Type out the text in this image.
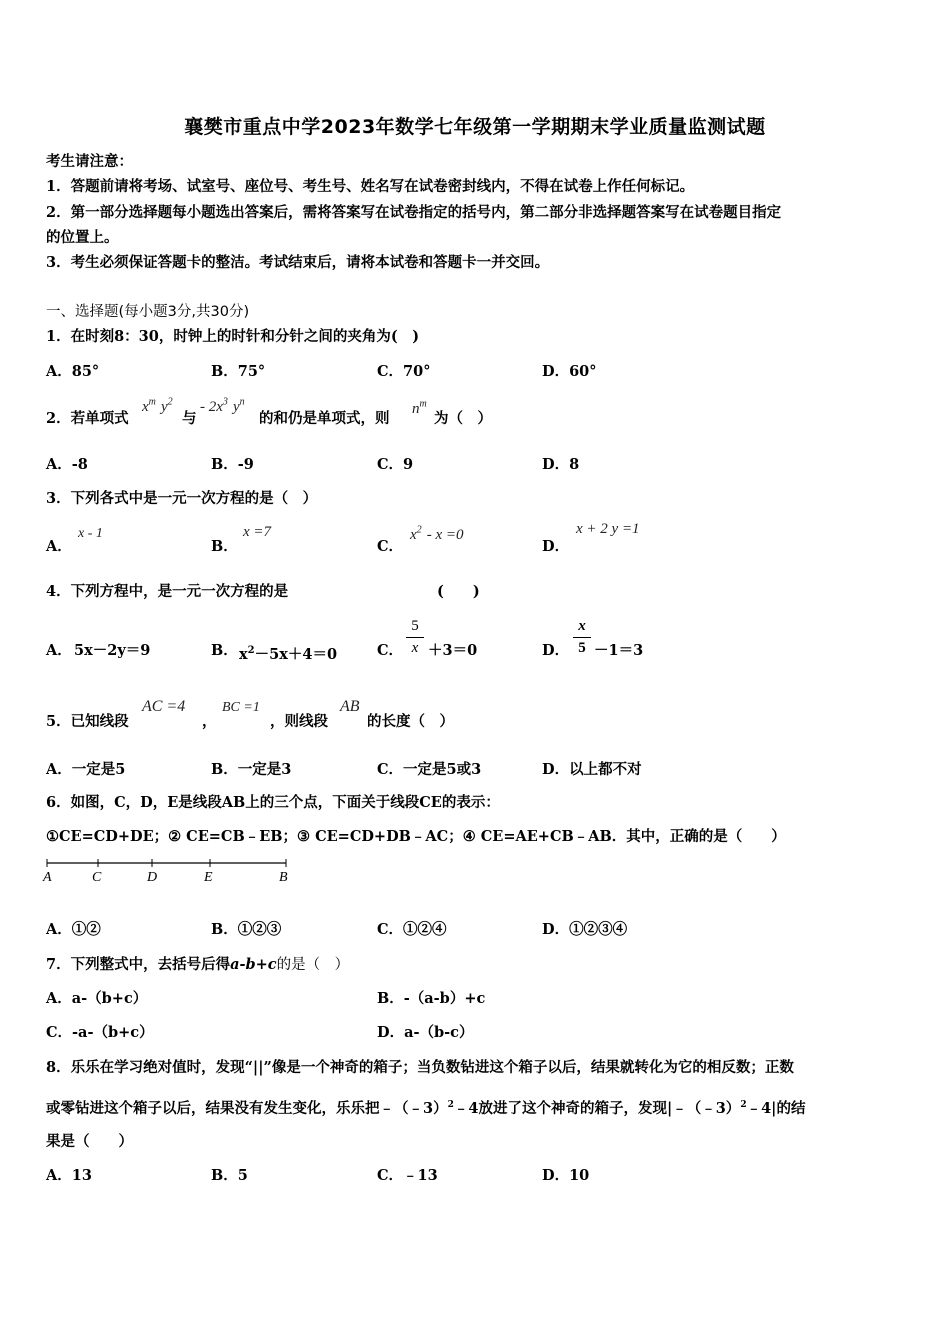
襄樊市重点中学2023年数学七年级第一学期期末学业质量监测试题
考生请注意：
1．答题前请将考场、试室号、座位号、考生号、姓名写在试卷密封线内，不得在试卷上作任何标记。
2．第一部分选择题每小题选出答案后，需将答案写在试卷指定的括号内，第二部分非选择题答案写在试卷题目指定
的位置上。
3．考生必须保证答题卡的整洁。考试结束后，请将本试卷和答题卡一并交回。
一、选择题(每小题3分,共30分)
1．在时刻8：30，时钟上的时针和分针之间的夹角为(　)
A．85°	B．75°	C．70°	D．60°
2．若单项式
$x^m$ $y^2$
与
- $2x^3$ $y^n$
的和仍是单项式，则
$n^m$
为（　）
A．-8	B．-9	C．9	D．8
3．下列各式中是一元一次方程的是（　）
A．
x - 1
B．
x =7
C．
$x^2 - x =0$
D．
x + 2 y =1
4．下列方程中，是一元一次方程的是	(　　)
A． 5x－2y＝9	B． $x^2-5x+4=0$	C．
5
x ＋3＝0	D．
x
5 －1＝3
5．已知线段
AC =4
，
BC =1
，则线段
AB
的长度（　）
A．一定是5	B．一定是3	C．一定是5或3	D．以上都不对
6．如图，C，D，E是线段AB上的三个点，下面关于线段CE的表示：
①CE=CD+DE；② CE=CB﹣EB；③ CE=CD+DB﹣AC；④ CE=AE+CB﹣AB．其中，正确的是（　　）
A	C	D	E	B
A．①②	B．①②③	C．①②④	D．①②③④
7．下列整式中，去括号后得a-b+c的是（　）
A．a-（b+c）	B．-（a-b）+c
C．-a-（b+c）	D．a-（b-c）
8．乐乐在学习绝对值时，发现“||”像是一个神奇的箱子；当负数钻进这个箱子以后，结果就转化为它的相反数；正数
或零钻进这个箱子以后，结果没有发生变化，乐乐把﹣（﹣3）$^2$﹣4放进了这个神奇的箱子，发现|﹣（﹣3）$^2$﹣4|的结
果是（　　）
A．13	B．5	C．﹣13	D．10
